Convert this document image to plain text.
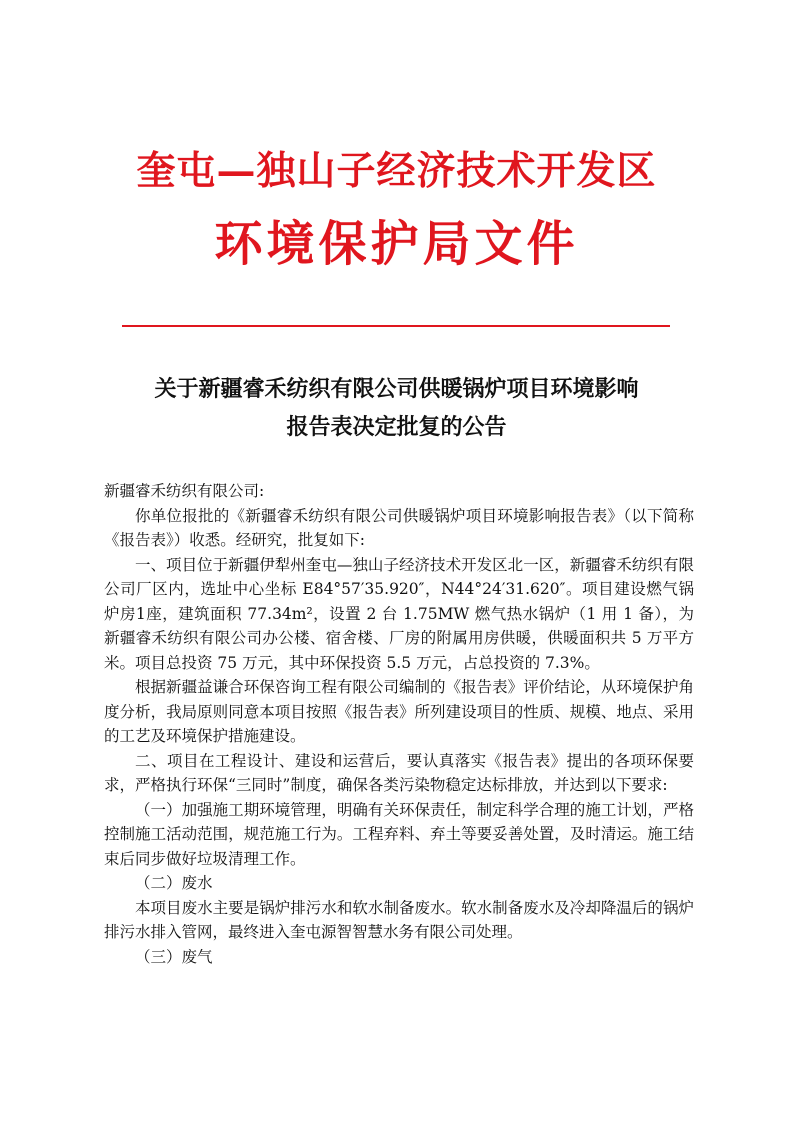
奎屯—独山子经济技术开发区
环境保护局文件
关于新疆睿禾纺织有限公司供暖锅炉项目环境影响
报告表决定批复的公告

新疆睿禾纺织有限公司:

你单位报批的《新疆睿禾纺织有限公司供暖锅炉项目环境影响报告表》（以下简称《报告表》）收悉。经研究，批复如下:

一、项目位于新疆伊犁州奎屯—独山子经济技术开发区北一区，新疆睿禾纺织有限公司厂区内，选址中心坐标 E84°57′35.920″，N44°24′31.620″。项目建设燃气锅炉房1座，建筑面积 77.34m²，设置 2 台 1.75MW 燃气热水锅炉（1 用 1 备），为新疆睿禾纺织有限公司办公楼、宿舍楼、厂房的附属用房供暖，供暖面积共 5 万平方米。项目总投资 75 万元，其中环保投资 5.5 万元，占总投资的 7.3%。

根据新疆益谦合环保咨询工程有限公司编制的《报告表》评价结论，从环境保护角度分析，我局原则同意本项目按照《报告表》所列建设项目的性质、规模、地点、采用的工艺及环境保护措施建设。

二、项目在工程设计、建设和运营后，要认真落实《报告表》提出的各项环保要求，严格执行环保“三同时”制度，确保各类污染物稳定达标排放，并达到以下要求:

（一）加强施工期环境管理，明确有关环保责任，制定科学合理的施工计划，严格控制施工活动范围，规范施工行为。工程弃料、弃土等要妥善处置，及时清运。施工结束后同步做好垃圾清理工作。

（二）废水

本项目废水主要是锅炉排污水和软水制备废水。软水制备废水及冷却降温后的锅炉排污水排入管网，最终进入奎屯源智智慧水务有限公司处理。

（三）废气
